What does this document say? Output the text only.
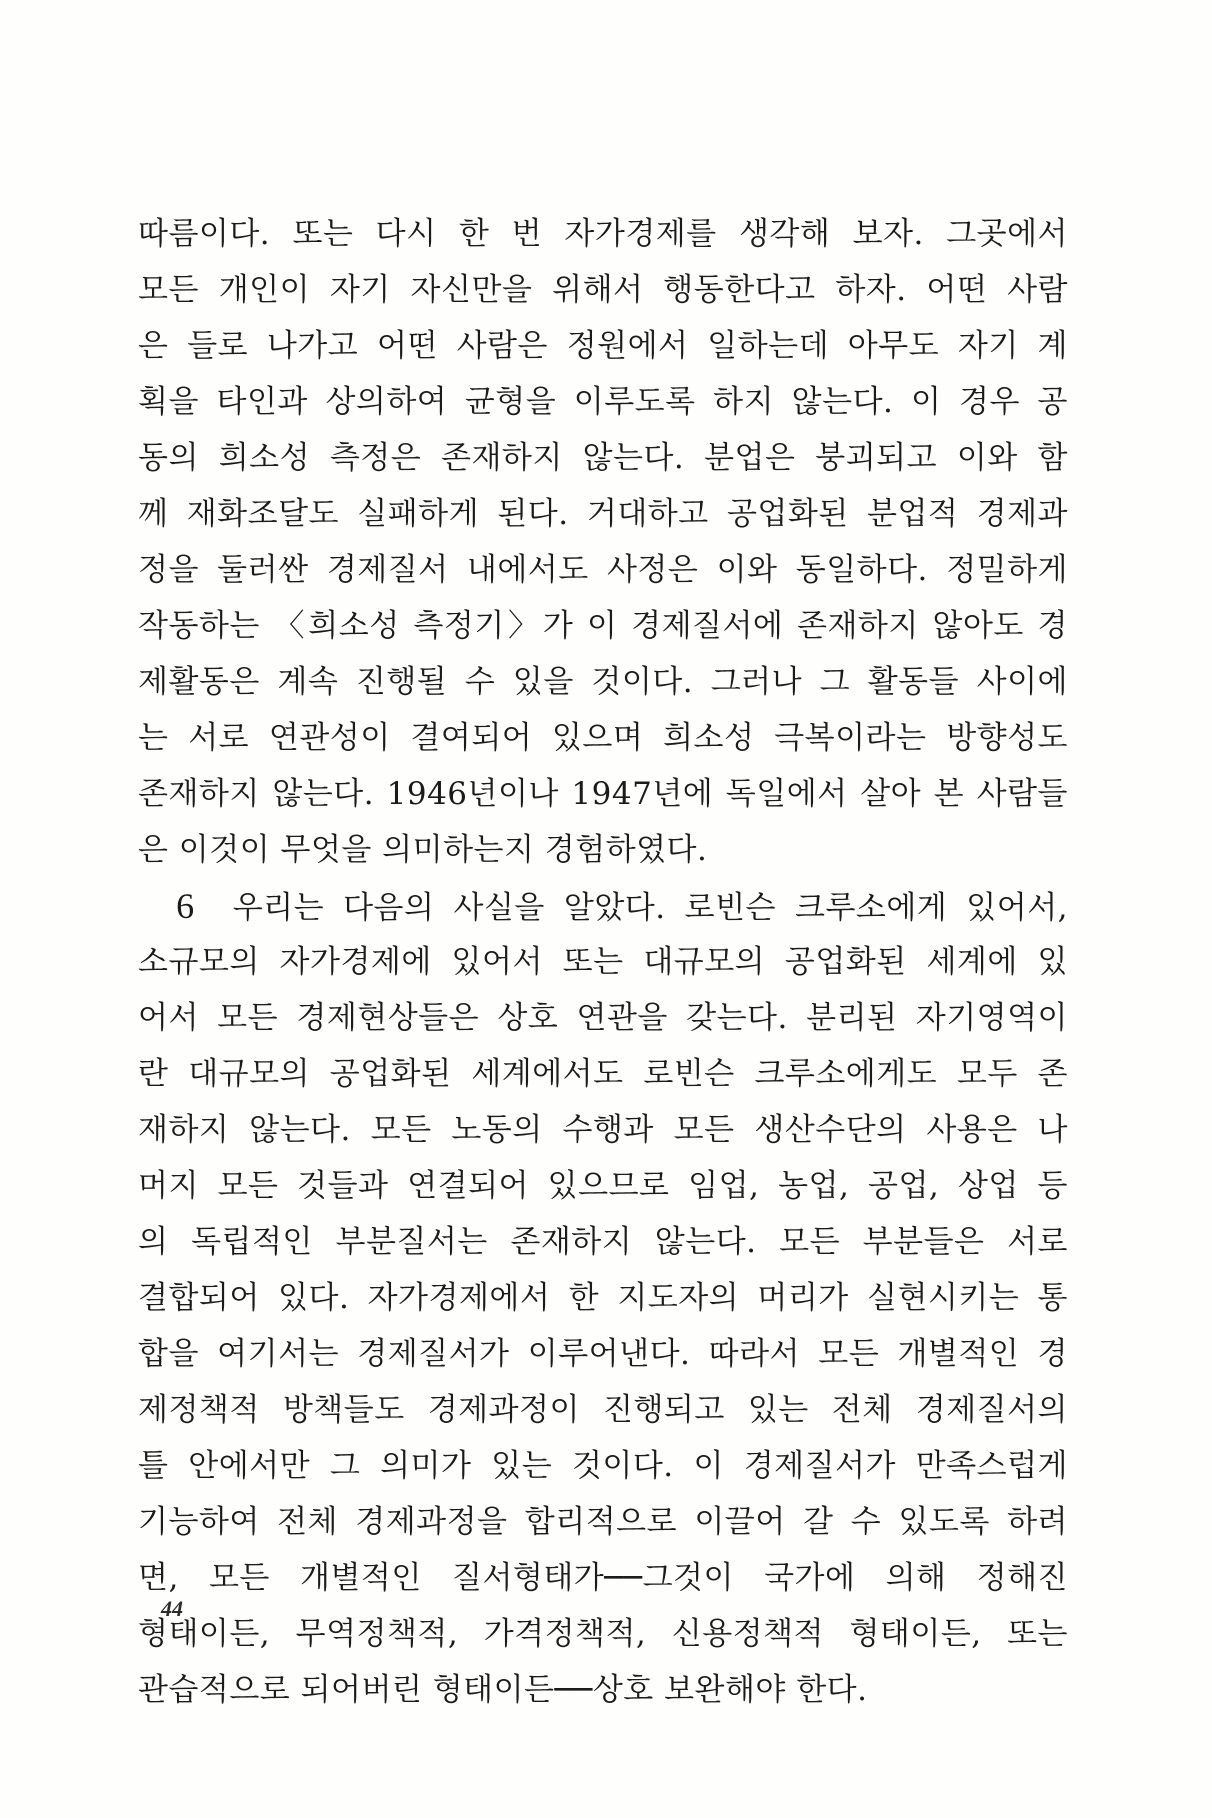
따름이다. 또는 다시 한 번 자가경제를 생각해 보자. 그곳에서
모든 개인이 자기 자신만을 위해서 행동한다고 하자. 어떤 사람
은 들로 나가고 어떤 사람은 정원에서 일하는데 아무도 자기 계
획을 타인과 상의하여 균형을 이루도록 하지 않는다. 이 경우 공
동의 희소성 측정은 존재하지 않는다. 분업은 붕괴되고 이와 함
께 재화조달도 실패하게 된다. 거대하고 공업화된 분업적 경제과
정을 둘러싼 경제질서 내에서도 사정은 이와 동일하다. 정밀하게
작동하는 〈희소성 측정기〉가 이 경제질서에 존재하지 않아도 경
제활동은 계속 진행될 수 있을 것이다. 그러나 그 활동들 사이에
는 서로 연관성이 결여되어 있으며 희소성 극복이라는 방향성도
존재하지 않는다. 1946년이나 1947년에 독일에서 살아 본 사람들
은 이것이 무엇을 의미하는지 경험하였다.
6 우리는 다음의 사실을 알았다. 로빈슨 크루소에게 있어서,
소규모의 자가경제에 있어서 또는 대규모의 공업화된 세계에 있
어서 모든 경제현상들은 상호 연관을 갖는다. 분리된 자기영역이
란 대규모의 공업화된 세계에서도 로빈슨 크루소에게도 모두 존
재하지 않는다. 모든 노동의 수행과 모든 생산수단의 사용은 나
머지 모든 것들과 연결되어 있으므로 임업, 농업, 공업, 상업 등
의 독립적인 부분질서는 존재하지 않는다. 모든 부분들은 서로
결합되어 있다. 자가경제에서 한 지도자의 머리가 실현시키는 통
합을 여기서는 경제질서가 이루어낸다. 따라서 모든 개별적인 경
제정책적 방책들도 경제과정이 진행되고 있는 전체 경제질서의
틀 안에서만 그 의미가 있는 것이다. 이 경제질서가 만족스럽게
기능하여 전체 경제과정을 합리적으로 이끌어 갈 수 있도록 하려
면, 모든 개별적인 질서형태가──그것이 국가에 의해 정해진
형태이든, 무역정책적, 가격정책적, 신용정책적 형태이든, 또는
관습적으로 되어버린 형태이든──상호 보완해야 한다.
44
